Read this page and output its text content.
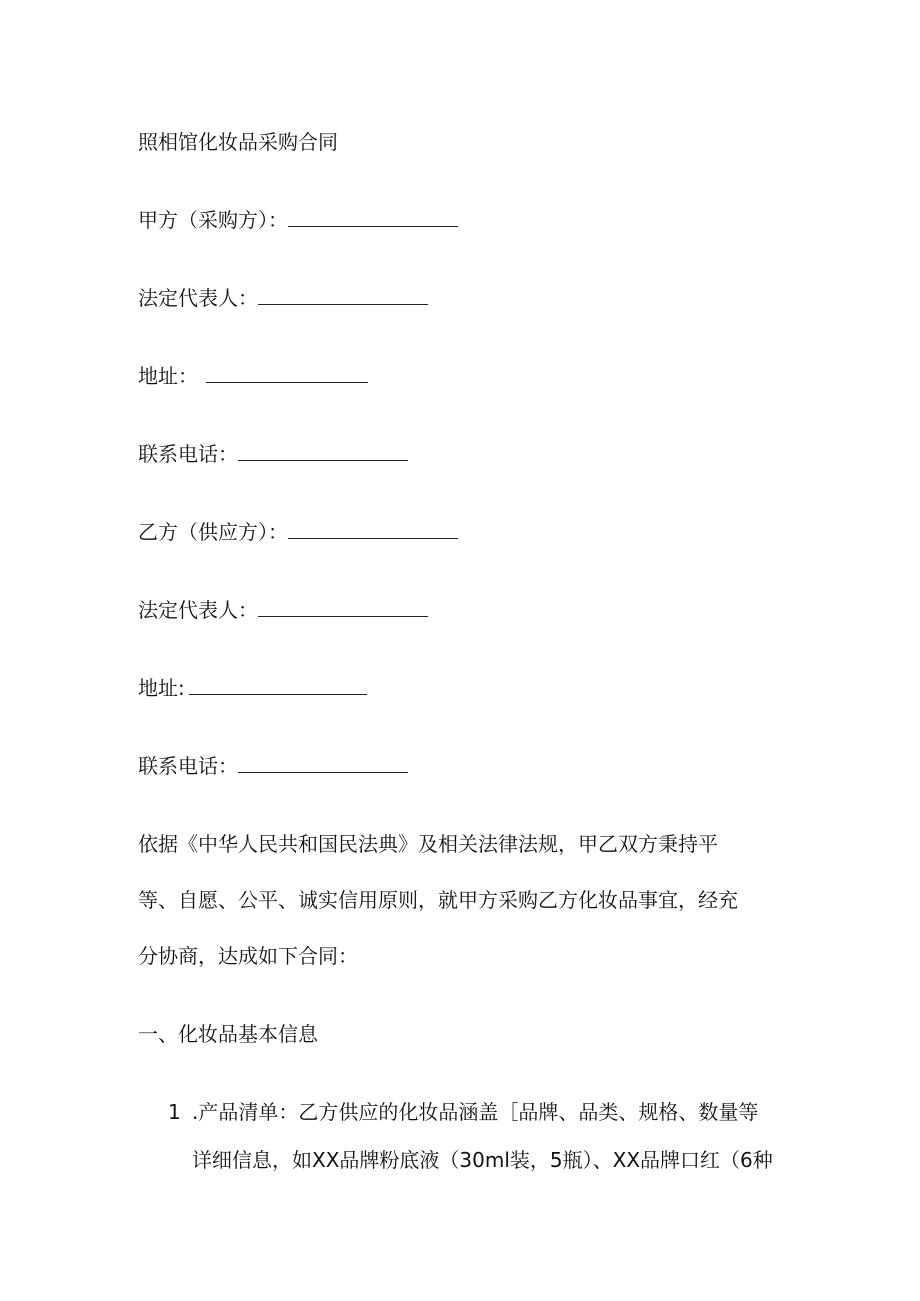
照相馆化妆品采购合同
甲方（采购方）：
法定代表人：
地址：
联系电话：
乙方（供应方）：
法定代表人：
地址:
联系电话：
依据《中华人民共和国民法典》及相关法律法规，甲乙双方秉持平
等、自愿、公平、诚实信用原则，就甲方采购乙方化妆品事宜，经充
分协商，达成如下合同：
一、化妆品基本信息
1 .产品清单：乙方供应的化妆品涵盖［品牌、品类、规格、数量等
详细信息，如XX品牌粉底液（30ml装，5瓶）、XX品牌口红（6种
